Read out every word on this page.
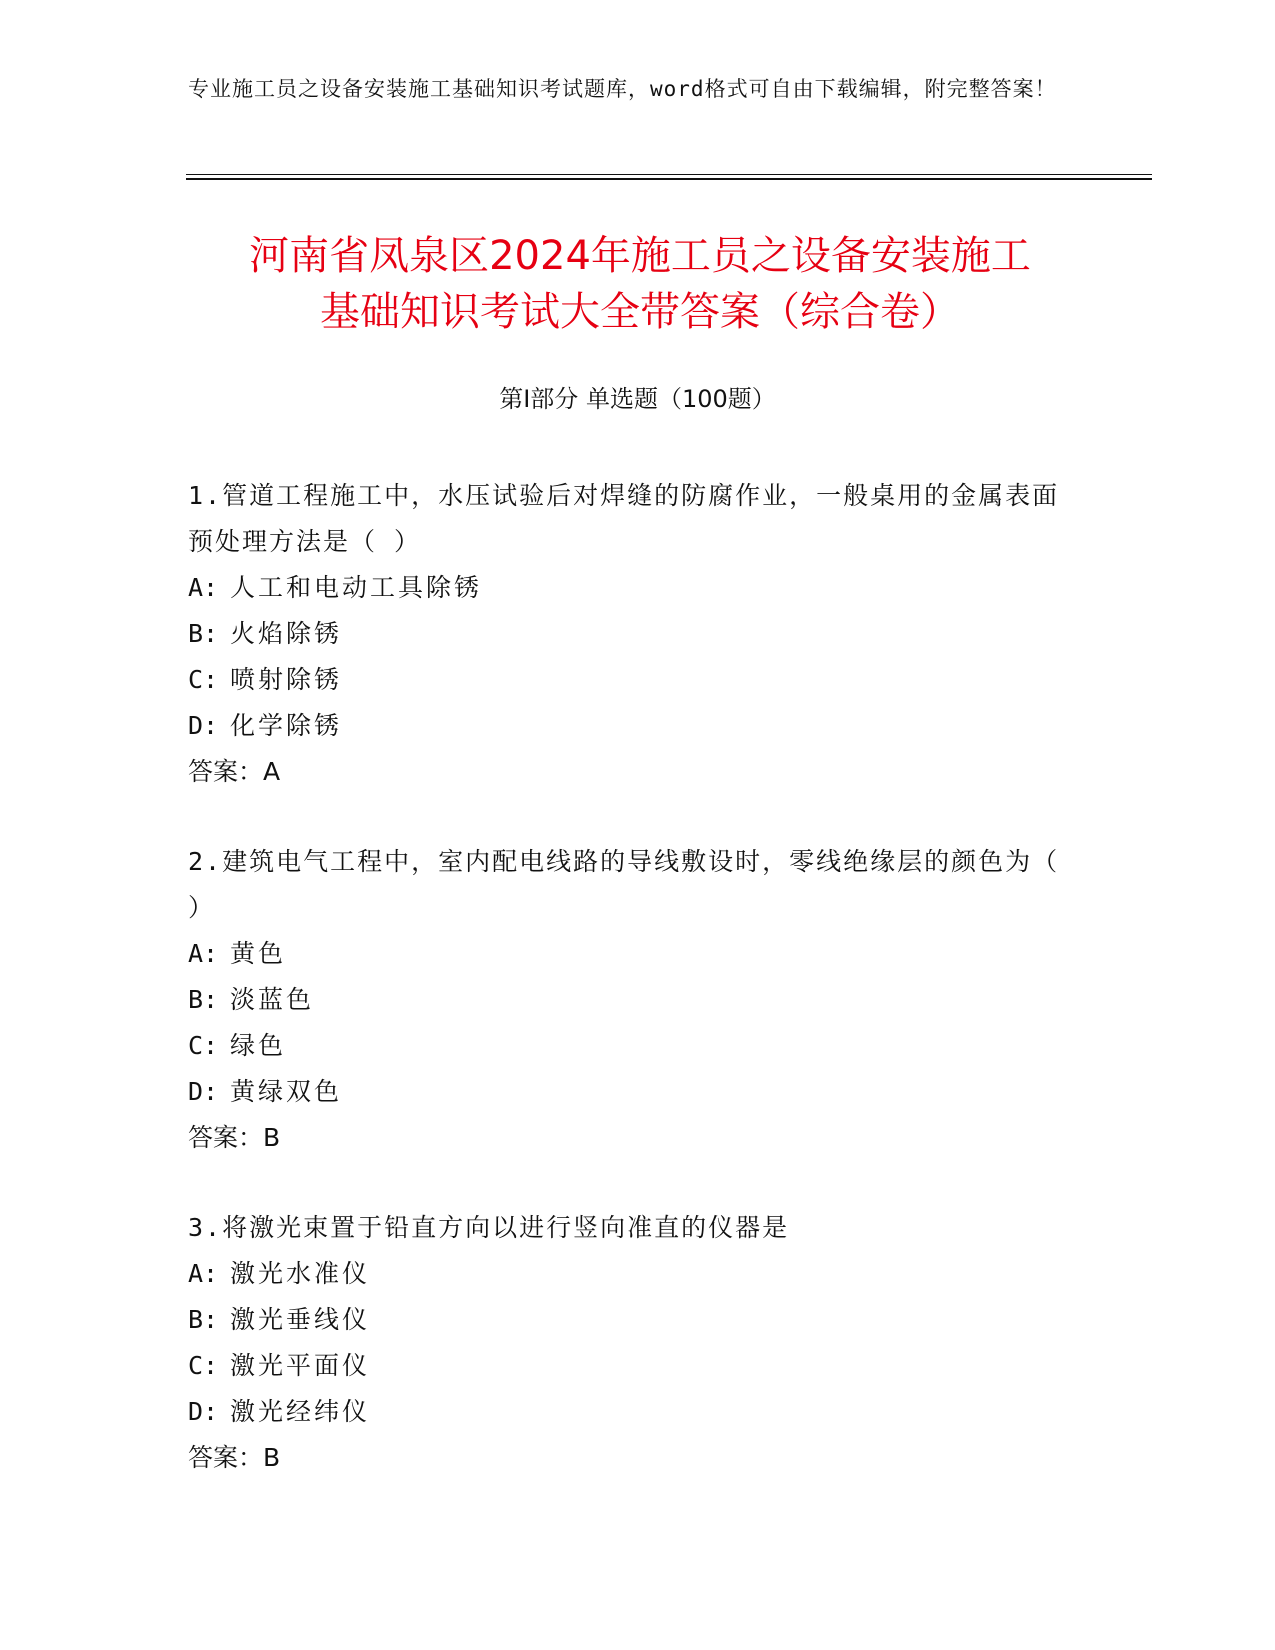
专业施工员之设备安装施工基础知识考试题库，word格式可自由下载编辑，附完整答案！
河南省凤泉区2024年施工员之设备安装施工
基础知识考试大全带答案（综合卷）
第I部分 单选题（100题）
1.管道工程施工中，水压试验后对焊缝的防腐作业，一般桌用的金属表面预处理方法是（ ）
A: 人工和电动工具除锈
B: 火焰除锈
C: 喷射除锈
D: 化学除锈
答案：A
2.建筑电气工程中，室内配电线路的导线敷设时，零线绝缘层的颜色为（ ）
A: 黄色
B: 淡蓝色
C: 绿色
D: 黄绿双色
答案：B
3.将激光束置于铅直方向以进行竖向准直的仪器是
A: 激光水准仪
B: 激光垂线仪
C: 激光平面仪
D: 激光经纬仪
答案：B
